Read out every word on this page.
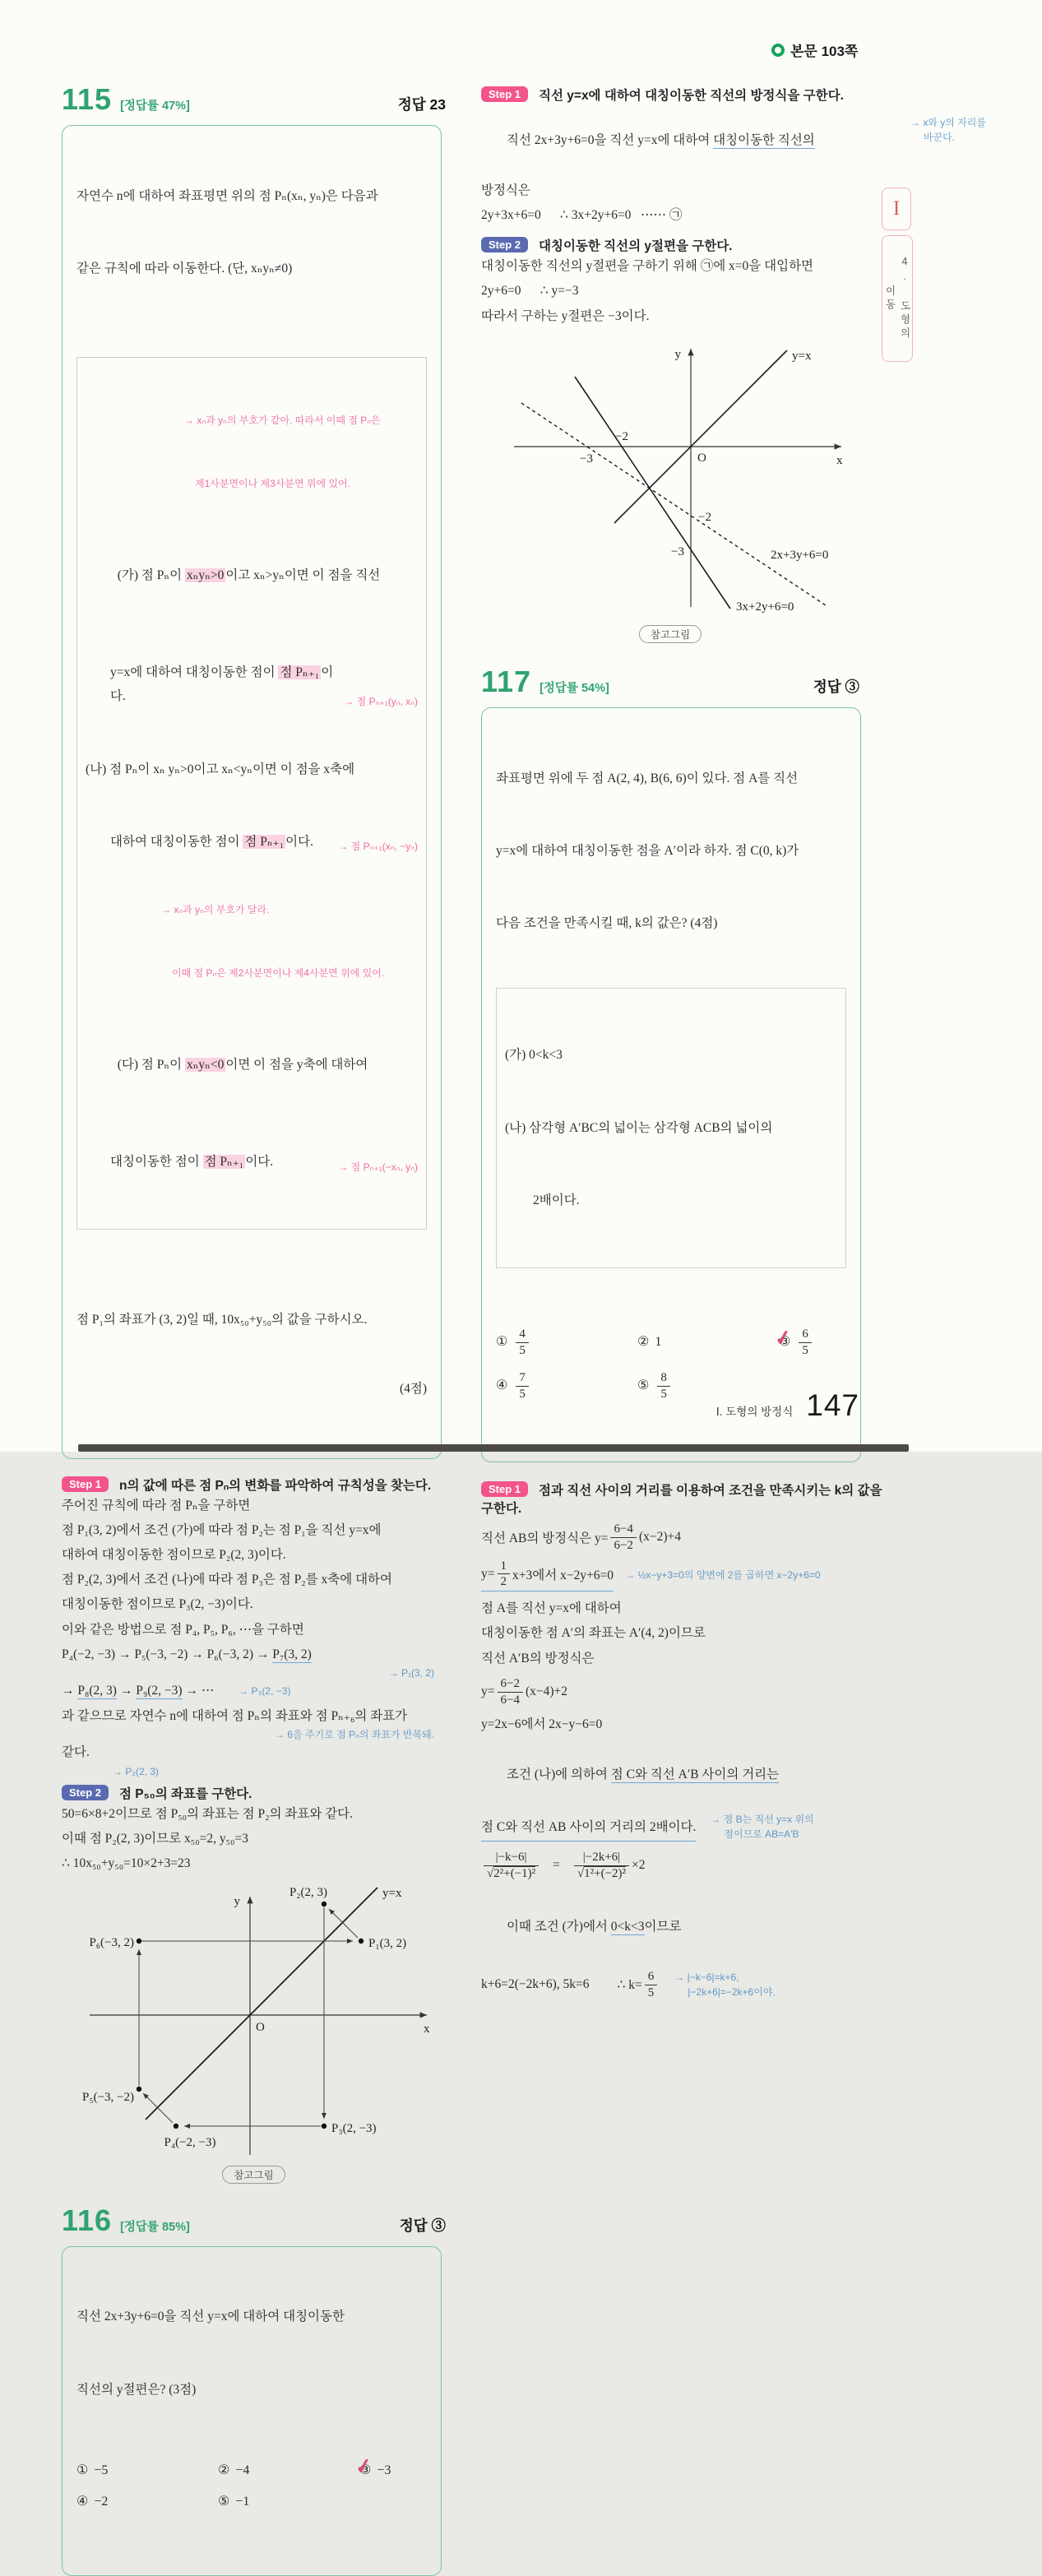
본문 103쪽
I
4. 도형의 이동
115 [정답률 47%]	정답 23

자연수 n에 대하여 좌표평면 위의 점 Pₙ(xₙ, yₙ)은 다음과

같은 규칙에 따라 이동한다. (단, xₙyₙ≠0)

→ xₙ과 yₙ의 부호가 같아. 따라서 이때 점 Pₙ은

제1사분면이나 제3사분면 위에 있어.

(가) 점 Pₙ이 xₙyₙ>0 이고 xₙ>yₙ이면 이 점을 직선

y=x에 대하여 대칭이동한 점이 점 Pₙ₊₁ 이다.	→ 점 Pₙ₊₁(yₙ, xₙ)

(나) 점 Pₙ이 xₙ yₙ>0이고 xₙ<yₙ이면 이 점을 x축에

대하여 대칭이동한 점이 점 Pₙ₊₁ 이다.	→ 점 Pₙ₊₁(xₙ, −yₙ)

→ xₙ과 yₙ의 부호가 달라.

이때 점 Pₙ은 제2사분면이나 제4사분면 위에 있어.

(다) 점 Pₙ이 xₙyₙ<0 이면 이 점을 y축에 대하여

대칭이동한 점이 점 Pₙ₊₁ 이다.	→ 점 Pₙ₊₁(−xₙ, yₙ)

점 P₁의 좌표가 (3, 2)일 때, 10x₅₀+y₅₀의 값을 구하시오.

(4점)

Step 1 n의 값에 따른 점 Pₙ의 변화를 파악하여 규칙성을 찾는다.
주어진 규칙에 따라 점 Pₙ을 구하면
점 P₁(3, 2)에서 조건 (가)에 따라 점 P₂는 점 P₁을 직선 y=x에
대하여 대칭이동한 점이므로 P₂(2, 3)이다.
점 P₂(2, 3)에서 조건 (나)에 따라 점 P₃은 점 P₂를 x축에 대하여
대칭이동한 점이므로 P₃(2, −3)이다.
이와 같은 방법으로 점 P₄, P₅, P₆, ⋯을 구하면
P₄(−2, −3) → P₅(−3, −2) → P₆(−3, 2) → P₇(3, 2)
→ P₁(3, 2)
→ P₈(2, 3) → P₉(2, −3) → ⋯	→ P₃(2, −3)
과 같으므로 자연수 n에 대하여 점 Pₙ의 좌표와 점 Pₙ₊₆의 좌표가
→ 6을 주기로 점 Pₙ의 좌표가 반복돼.
같다.
→ P₂(2, 3)
Step 2 점 P₅₀의 좌표를 구한다.
50=6×8+2이므로 점 P₅₀의 좌표는 점 P₂의 좌표와 같다.
이때 점 P₂(2, 3)이므로 x₅₀=2, y₅₀=3
∴ 10x₅₀+y₅₀=10×2+3=23
y
x
O
y=x
P₂(2, 3)
P₁(3, 2)
P₆(−3, 2)
P₅(−3, −2)
P₄(−2, −3)
P₃(2, −3)
참고그림
116 [정답률 85%]	정답 ③

직선 2x+3y+6=0을 직선 y=x에 대하여 대칭이동한

직선의 y절편은? (3점)

① −5	② −4	③ ✓ −3
④ −2	⑤ −1

Step 1 직선 y=x에 대하여 대칭이동한 직선의 방정식을 구한다.

직선 2x+3y+6=0을 직선 y=x에 대하여 대칭이동한 직선의

방정식은
→ x와 y의 자리를
바꾼다.
2y+3x+6=0      ∴ 3x+2y+6=0   ⋯⋯ ㉠
Step 2 대칭이동한 직선의 y절편을 구한다.
대칭이동한 직선의 y절편을 구하기 위해 ㉠에 x=0을 대입하면
2y+6=0      ∴ y=−3
따라서 구하는 y절편은 −3이다.
y
x
O
y=x
−3
−2
−2
−3	2x+3y+6=0
3x+2y+6=0
참고그림
117 [정답률 54%]	정답 ③

좌표평면 위에 두 점 A(2, 4), B(6, 6)이 있다. 점 A를 직선

y=x에 대하여 대칭이동한 점을 A′이라 하자. 점 C(0, k)가

다음 조건을 만족시킬 때, k의 값은? (4점)

(가) 0<k<3

(나) 삼각형 A′BC의 넓이는 삼각형 ACB의 넓이의

2배이다.

① $\frac{4}{5}$	② 1	③ ✓ $\frac{6}{5}$
④ $\frac{7}{5}$	⑤ $\frac{8}{5}$

Step 1 점과 직선 사이의 거리를 이용하여 조건을 만족시키는 k의 값을
구한다.
직선 AB의 방정식은 $y= \frac{6-4}{6-2} (x-2)+4$
$y= \frac{1}{2} x+3$에서 x−2y+6=0	→ ½x−y+3=0의 양변에 2를 곱하면 x−2y+6=0
점 A를 직선 y=x에 대하여
대칭이동한 점 A′의 좌표는 A′(4, 2)이므로
직선 A′B의 방정식은
$y= \frac{6-2}{6-4} (x-4)+2$
y=2x−6에서 2x−y−6=0

조건 (나)에 의하여 점 C와 직선 A′B 사이의 거리는

점 C와 직선 AB 사이의 거리의 2배이다.
→ 점 B는 직선 y=x 위의
점이므로 AB=A′B
$\frac{|-k-6|}{\text{√2²+(−1)²}} = \frac{|-2k+6|}{\text{√1²+(−2)²}} \times 2$

이때 조건 (가)에서 0<k<3이므로

k+6=2(−2k+6), 5k=6 ∴ $k= \frac{6}{5}$	→ |−k−6|=k+6,
|−2k+6|=−2k+6이야.
Ⅰ. 도형의 방정식 147
